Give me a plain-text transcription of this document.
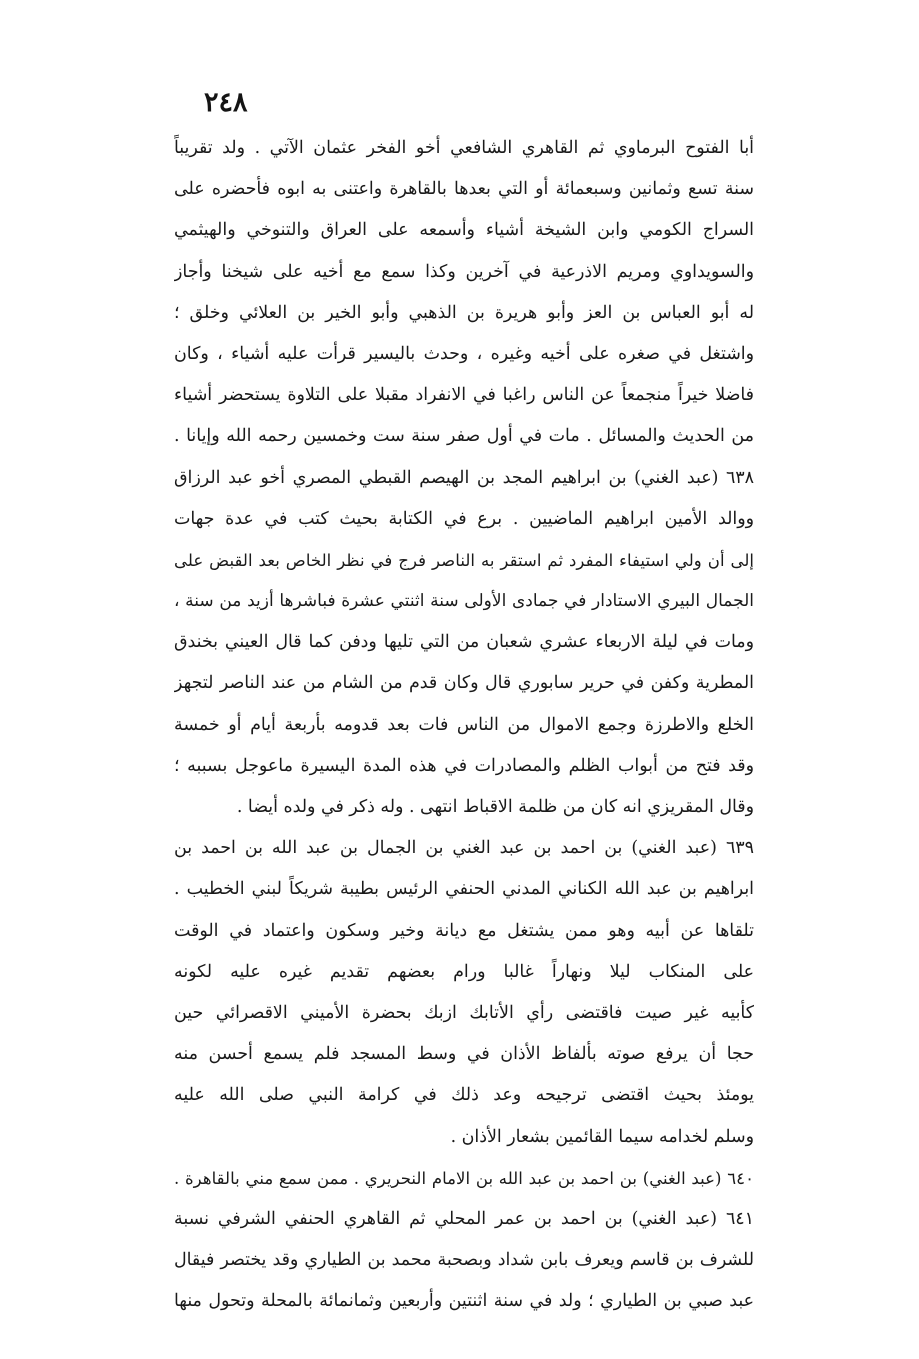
٢٤٨
أبا الفتوح البرماوي ثم القاهري الشافعي أخو الفخر عثمان الآتي . ولد تقريباً
سنة تسع وثمانين وسبعمائة أو التي بعدها بالقاهرة واعتنى به ابوه فأحضره على
السراج الكومي وابن الشيخة أشياء وأسمعه على العراق والتنوخي والهيثمي
والسويداوي ومريم الاذرعية في آخرين وكذا سمع مع أخيه على شيخنا وأجاز
له أبو العباس بن العز وأبو هريرة بن الذهبي وأبو الخير بن العلائي وخلق ؛
واشتغل في صغره على أخيه وغيره ، وحدث باليسير قرأت عليه أشياء ، وكان
فاضلا خيراً منجمعاً عن الناس راغبا في الانفراد مقبلا على التلاوة يستحضر أشياء
من الحديث والمسائل . مات في أول صفر سنة ست وخمسين رحمه الله وإيانا .
٦٣٨ (عبد الغني) بن ابراهيم المجد بن الهيصم القبطي المصري أخو عبد الرزاق
ووالد الأمين ابراهيم الماضيين . برع في الكتابة بحيث كتب في عدة جهات
إلى أن ولي استيفاء المفرد ثم استقر به الناصر فرج في نظر الخاص بعد القبض على
الجمال البيري الاستادار في جمادى الأولى سنة اثنتي عشرة فباشرها أزيد من سنة ،
ومات في ليلة الاربعاء عشري شعبان من التي تليها ودفن كما قال العيني بخندق
المطرية وكفن في حرير سابوري قال وكان قدم من الشام من عند الناصر لتجهز
الخلع والاطرزة وجمع الاموال من الناس فات بعد قدومه بأربعة أيام أو خمسة
وقد فتح من أبواب الظلم والمصادرات في هذه المدة اليسيرة ماعوجل بسببه ؛
وقال المقريزي انه كان من ظلمة الاقباط انتهى . وله ذكر في ولده أيضا .
٦٣٩ (عبد الغني) بن احمد بن عبد الغني بن الجمال بن عبد الله بن احمد بن
ابراهيم بن عبد الله الكناني المدني الحنفي الرئيس بطيبة شريكاً لبني الخطيب .
تلقاها عن أبيه وهو ممن يشتغل مع ديانة وخير وسكون واعتماد في الوقت
على المنكاب ليلا ونهاراً غالبا ورام بعضهم تقديم غيره عليه لكونه
كأبيه غير صيت فاقتضى رأي الأتابك ازبك بحضرة الأميني الاقصرائي حين
حجا أن يرفع صوته بألفاظ الأذان في وسط المسجد فلم يسمع أحسن منه
يومئذ بحيث اقتضى ترجيحه وعد ذلك في كرامة النبي صلى الله عليه
وسلم لخدامه سيما القائمين بشعار الأذان .
٦٤٠ (عبد الغني) بن احمد بن عبد الله بن الامام النحريري . ممن سمع مني بالقاهرة .
٦٤١ (عبد الغني) بن احمد بن عمر المحلي ثم القاهري الحنفي الشرفي نسبة
للشرف بن قاسم ويعرف بابن شداد وبصحبة محمد بن الطياري وقد يختصر فيقال
عبد صبي بن الطياري ؛ ولد في سنة اثنتين وأربعين وثمانمائة بالمحلة وتحول منها
